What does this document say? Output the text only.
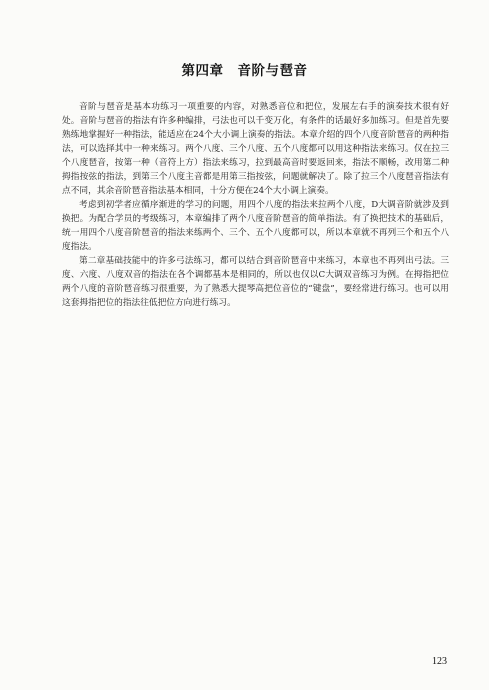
第四章 音阶与琶音

音阶与琶音是基本功练习一项重要的内容，对熟悉音位和把位，发展左右手的演奏技术很有好处。音阶与琶音的指法有许多种编排，弓法也可以千变万化，有条件的话最好多加练习。但是首先要熟练地掌握好一种指法，能适应在24个大小调上演奏的指法。本章介绍的四个八度音阶琶音的两种指法，可以选择其中一种来练习。两个八度、三个八度、五个八度都可以用这种指法来练习。仅在拉三个八度琶音，按第一种（音符上方）指法来练习，拉到最高音时要返回来，指法不顺畅，改用第二种拇指按弦的指法，到第三个八度主音都是用第三指按弦，问题就解决了。除了拉三个八度琶音指法有点不同，其余音阶琶音指法基本相同，十分方便在24个大小调上演奏。

考虑到初学者应循序渐进的学习的问题，用四个八度的指法来拉两个八度，D大调音阶就涉及到换把。为配合学员的考级练习，本章编排了两个八度音阶琶音的简单指法。有了换把技术的基础后，统一用四个八度音阶琶音的指法来练两个、三个、五个八度都可以，所以本章就不再列三个和五个八度指法。

第二章基础技能中的许多弓法练习，都可以结合到音阶琶音中来练习，本章也不再列出弓法。三度、六度、八度双音的指法在各个调都基本是相同的，所以也仅以C大调双音练习为例。在拇指把位两个八度的音阶琶音练习很重要，为了熟悉大提琴高把位音位的“键盘”，要经常进行练习。也可以用这套拇指把位的指法往低把位方向进行练习。

123
